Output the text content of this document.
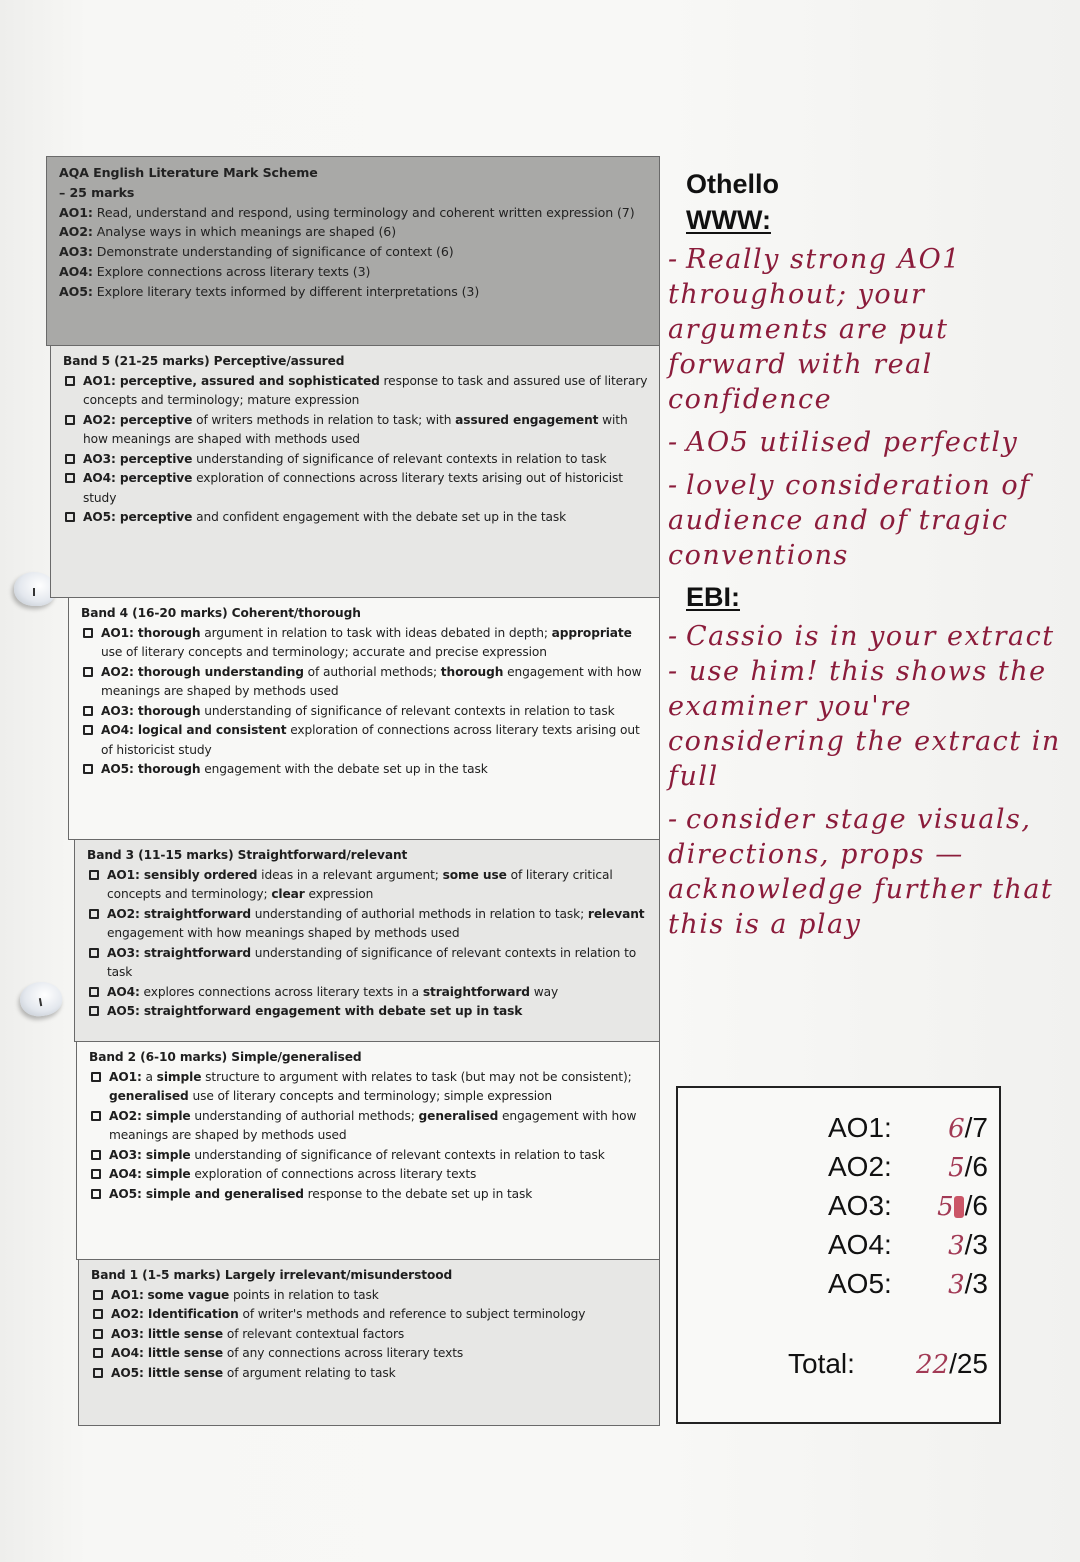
AQA English Literature Mark Scheme
– 25 marks
AO1: Read, understand and respond, using terminology and coherent written expression (7)
AO2: Analyse ways in which meanings are shaped (6)
AO3: Demonstrate understanding of significance of context (6)
AO4: Explore connections across literary texts (3)
AO5: Explore literary texts informed by different interpretations (3)
Band 5 (21-25 marks) Perceptive/assured
AO1: perceptive, assured and sophisticated response to task and assured use of literary concepts and terminology; mature expression
AO2: perceptive of writers methods in relation to task; with assured engagement with how meanings are shaped with methods used
AO3: perceptive understanding of significance of relevant contexts in relation to task
AO4: perceptive exploration of connections across literary texts arising out of historicist study
AO5: perceptive and confident engagement with the debate set up in the task
Band 4 (16-20 marks) Coherent/thorough
AO1: thorough argument in relation to task with ideas debated in depth; appropriate use of literary concepts and terminology; accurate and precise expression
AO2: thorough understanding of authorial methods; thorough engagement with how meanings are shaped by methods used
AO3: thorough understanding of significance of relevant contexts in relation to task
AO4: logical and consistent exploration of connections across literary texts arising out of historicist study
AO5: thorough engagement with the debate set up in the task
Band 3 (11-15 marks) Straightforward/relevant
AO1: sensibly ordered ideas in a relevant argument; some use of literary critical concepts and terminology; clear expression
AO2: straightforward understanding of authorial methods in relation to task; relevant engagement with how meanings shaped by methods used
AO3: straightforward understanding of significance of relevant contexts in relation to task
AO4: explores connections across literary texts in a straightforward way
AO5: straightforward engagement with debate set up in task
Band 2 (6-10 marks) Simple/generalised
AO1: a simple structure to argument with relates to task (but may not be consistent); generalised use of literary concepts and terminology; simple expression
AO2: simple understanding of authorial methods; generalised engagement with how meanings are shaped by methods used
AO3: simple understanding of significance of relevant contexts in relation to task
AO4: simple exploration of connections across literary texts
AO5: simple and generalised response to the debate set up in task
Band 1 (1-5 marks) Largely irrelevant/misunderstood
AO1: some vague points in relation to task
AO2: Identification of writer's methods and reference to subject terminology
AO3: little sense of relevant contextual factors
AO4: little sense of any connections across literary texts
AO5: little sense of argument relating to task
Othello
WWW:
-Really strong AO1 throughout; your arguments are put forward with real confidence
-AO5 utilised perfectly
-lovely consideration of audience and of tragic conventions
EBI:
-Cassio is in your extract - use him! this shows the examiner you're considering the extract in full
-consider stage visuals, directions, props — acknowledge further that this is a play
AO1: 6/7
AO2: 5/6
AO3: 5 /6
AO4: 3/3
AO5: 3/3
Total: 22/25
